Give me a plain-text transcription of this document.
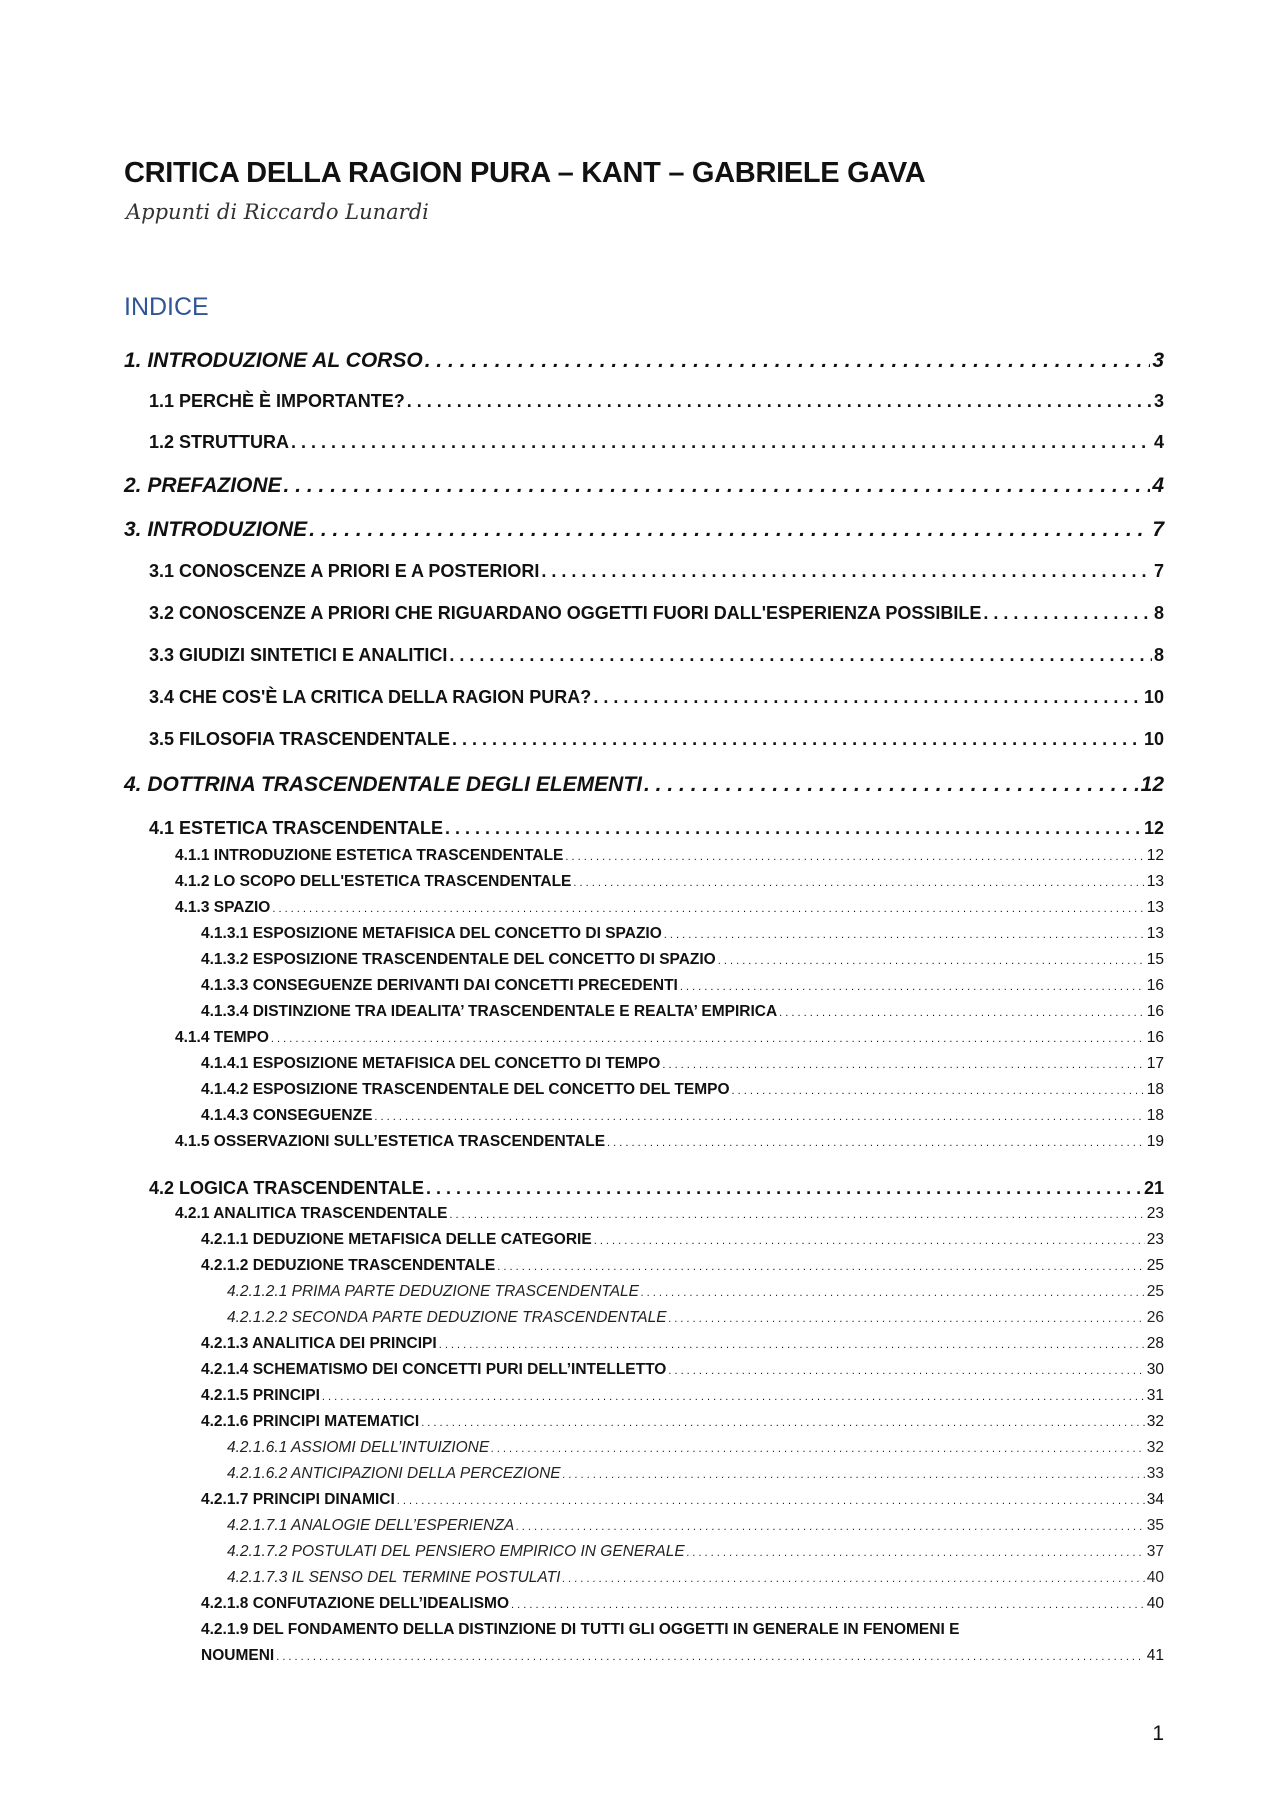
CRITICA DELLA RAGION PURA – KANT – GABRIELE GAVA
Appunti di Riccardo Lunardi
INDICE
1. INTRODUZIONE AL CORSO . . .	3
1.1 PERCHÈ È IMPORTANTE? . . .	3
1.2 STRUTTURA . . .	4
2. PREFAZIONE . . .	4
3. INTRODUZIONE . . .	7
3.1 CONOSCENZE A PRIORI E A POSTERIORI . . .	7
3.2 CONOSCENZE A PRIORI CHE RIGUARDANO OGGETTI FUORI DALL'ESPERIENZA POSSIBILE . . .	8
3.3 GIUDIZI SINTETICI E ANALITICI . . .	8
3.4 CHE COS'È LA CRITICA DELLA RAGION PURA? . . .	10
3.5 FILOSOFIA TRASCENDENTALE . . .	10
4. DOTTRINA TRASCENDENTALE DEGLI ELEMENTI . . .	12
4.1 ESTETICA TRASCENDENTALE . . .	12
4.1.1 INTRODUZIONE ESTETICA TRASCENDENTALE . . .	12
4.1.2 LO SCOPO DELL'ESTETICA TRASCENDENTALE . . .	13
4.1.3 SPAZIO . . .	13
4.1.3.1 ESPOSIZIONE METAFISICA DEL CONCETTO DI SPAZIO . . .	13
4.1.3.2 ESPOSIZIONE TRASCENDENTALE DEL CONCETTO DI SPAZIO . . .	15
4.1.3.3 CONSEGUENZE DERIVANTI DAI CONCETTI PRECEDENTI . . .	16
4.1.3.4 DISTINZIONE TRA IDEALITA’ TRASCENDENTALE E REALTA’ EMPIRICA . . .	16
4.1.4 TEMPO . . .	16
4.1.4.1 ESPOSIZIONE METAFISICA DEL CONCETTO DI TEMPO . . .	17
4.1.4.2 ESPOSIZIONE TRASCENDENTALE DEL CONCETTO DEL TEMPO . . .	18
4.1.4.3 CONSEGUENZE . . .	18
4.1.5 OSSERVAZIONI SULL’ESTETICA TRASCENDENTALE . . .	19
4.2 LOGICA TRASCENDENTALE . . .	21
4.2.1 ANALITICA TRASCENDENTALE . . .	23
4.2.1.1 DEDUZIONE METAFISICA DELLE CATEGORIE . . .	23
4.2.1.2 DEDUZIONE TRASCENDENTALE . . .	25
4.2.1.2.1 PRIMA PARTE DEDUZIONE TRASCENDENTALE . . .	25
4.2.1.2.2 SECONDA PARTE DEDUZIONE TRASCENDENTALE . . .	26
4.2.1.3 ANALITICA DEI PRINCIPI . . .	28
4.2.1.4 SCHEMATISMO DEI CONCETTI PURI DELL’INTELLETTO . . .	30
4.2.1.5 PRINCIPI . . .	31
4.2.1.6 PRINCIPI MATEMATICI . . .	32
4.2.1.6.1 ASSIOMI DELL’INTUIZIONE . . .	32
4.2.1.6.2 ANTICIPAZIONI DELLA PERCEZIONE . . .	33
4.2.1.7 PRINCIPI DINAMICI . . .	34
4.2.1.7.1 ANALOGIE DELL’ESPERIENZA . . .	35
4.2.1.7.2 POSTULATI DEL PENSIERO EMPIRICO IN GENERALE . . .	37
4.2.1.7.3 IL SENSO DEL TERMINE POSTULATI . . .	40
4.2.1.8 CONFUTAZIONE DELL’IDEALISMO . . .	40
4.2.1.9 DEL FONDAMENTO DELLA DISTINZIONE DI TUTTI GLI OGGETTI IN GENERALE IN FENOMENI E
NOUMENI . . .	41
1
